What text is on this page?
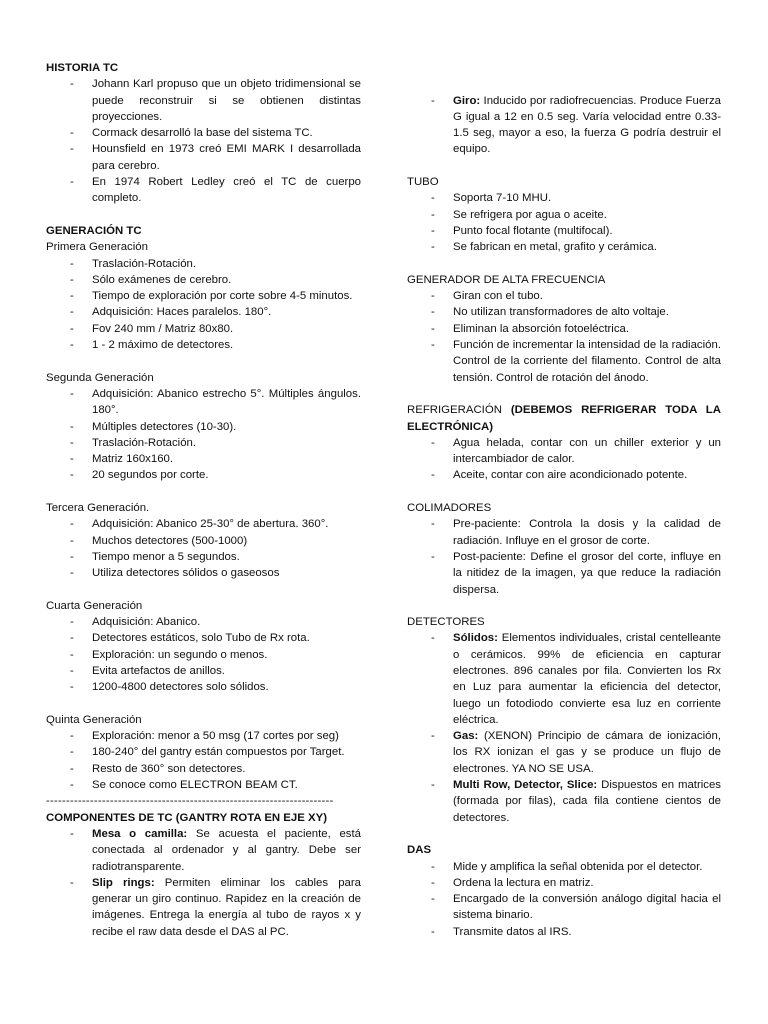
HISTORIA TC

- Johann Karl propuso que un objeto tridimensional se puede reconstruir si se obtienen distintas proyecciones.
- Cormack desarrolló la base del sistema TC.
- Hounsfield en 1973 creó EMI MARK I desarrollada para cerebro.
- En 1974 Robert Ledley creó el TC de cuerpo completo.

GENERACIÓN TC

Primera Generación

- Traslación-Rotación.
- Sólo exámenes de cerebro.
- Tiempo de exploración por corte sobre 4-5 minutos.
- Adquisición: Haces paralelos. 180°.
- Fov 240 mm / Matriz 80x80.
- 1 - 2 máximo de detectores.

Segunda Generación

- Adquisición: Abanico estrecho 5°. Múltiples ángulos. 180°.
- Múltiples detectores (10-30).
- Traslación-Rotación.
- Matriz 160x160.
- 20 segundos por corte.

Tercera Generación.

- Adquisición: Abanico 25-30° de abertura. 360°.
- Muchos detectores (500-1000)
- Tiempo menor a 5 segundos.
- Utiliza detectores sólidos o gaseosos

Cuarta Generación

- Adquisición: Abanico.
- Detectores estáticos, solo Tubo de Rx rota.
- Exploración: un segundo o menos.
- Evita artefactos de anillos.
- 1200-4800 detectores solo sólidos.

Quinta Generación

- Exploración: menor a 50 msg (17 cortes por seg)
- 180-240° del gantry están compuestos por Target.
- Resto de 360° son detectores.
- Se conoce como ELECTRON BEAM CT.

------------------------------------------------------------------------

COMPONENTES DE TC (GANTRY ROTA EN EJE XY)

- Mesa o camilla: Se acuesta el paciente, está conectada al ordenador y al gantry. Debe ser radiotransparente.
- Slip rings: Permiten eliminar los cables para generar un giro continuo. Rapidez en la creación de imágenes. Entrega la energía al tubo de rayos x y recibe el raw data desde el DAS al PC.
- Giro: Inducido por radiofrecuencias. Produce Fuerza G igual a 12 en 0.5 seg. Varía velocidad entre 0.33-1.5 seg, mayor a eso, la fuerza G podría destruir el equipo.

TUBO

- Soporta 7-10 MHU.
- Se refrigera por agua o aceite.
- Punto focal flotante (multifocal).
- Se fabrican en metal, grafito y cerámica.

GENERADOR DE ALTA FRECUENCIA

- Giran con el tubo.
- No utilizan transformadores de alto voltaje.
- Eliminan la absorción fotoeléctrica.
- Función de incrementar la intensidad de la radiación. Control de la corriente del filamento. Control de alta tensión. Control de rotación del ánodo.

REFRIGERACIÓN (DEBEMOS REFRIGERAR TODA LA ELECTRÓNICA)

- Agua helada, contar con un chiller exterior y un intercambiador de calor.
- Aceite, contar con aire acondicionado potente.

COLIMADORES

- Pre-paciente: Controla la dosis y la calidad de radiación. Influye en el grosor de corte.
- Post-paciente: Define el grosor del corte, influye en la nitidez de la imagen, ya que reduce la radiación dispersa.

DETECTORES

- Sólidos: Elementos individuales, cristal centelleante o cerámicos. 99% de eficiencia en capturar electrones. 896 canales por fila. Convierten los Rx en Luz para aumentar la eficiencia del detector, luego un fotodiodo convierte esa luz en corriente eléctrica.
- Gas: (XENON) Principio de cámara de ionización, los RX ionizan el gas y se produce un flujo de electrones. YA NO SE USA.
- Multi Row, Detector, Slice: Dispuestos en matrices (formada por filas), cada fila contiene cientos de detectores.

DAS

- Mide y amplifica la señal obtenida por el detector.
- Ordena la lectura en matriz.
- Encargado de la conversión análogo digital hacia el sistema binario.
- Transmite datos al IRS.
